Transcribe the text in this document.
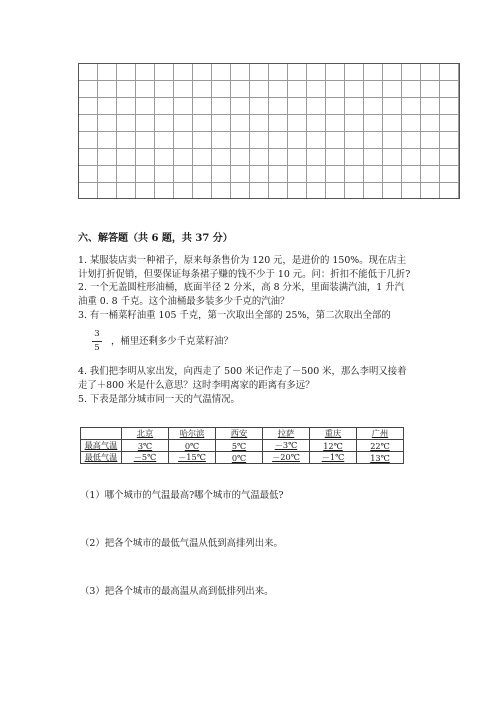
六、解答题（共 6 题，共 37 分）
1. 某服装店卖一种裙子，原来每条售价为 120 元，是进价的 150%。现在店主
计划打折促销，但要保证每条裙子赚的钱不少于 10 元。问：折扣不能低于几折?
2. 一个无盖圆柱形油桶，底面半径 2 分米，高 8 分米，里面装满汽油，1 升汽
油重 0. 8 千克。这个油桶最多装多少千克的汽油？
3. 有一桶菜籽油重 105 千克，第一次取出全部的 25%，第二次取出全部的
3
5
，桶里还剩多少千克菜籽油？
4. 我们把李明从家出发，向西走了 500 米记作走了－500 米，那么李明又接着
走了＋800 米是什么意思？这时李明离家的距离有多远？
5. 下表是部分城市同一天的气温情况。
	北京	哈尔滨	西安	拉萨	重庆	广州
最高气温	3℃	0℃	5℃	－3℃	12℃	22℃
最低气温	－5℃	－15℃	0℃	－20℃	－1℃	13℃
（1）哪个城市的气温最高?哪个城市的气温最低?
（2）把各个城市的最低气温从低到高排列出来。
（3）把各个城市的最高温从高到低排列出来。
